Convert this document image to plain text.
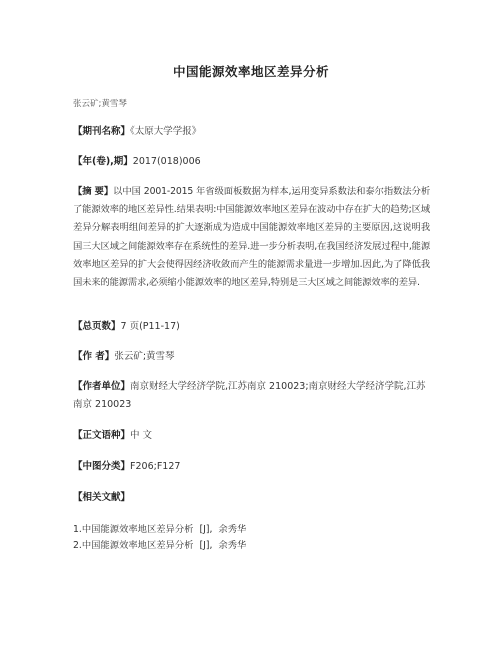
中国能源效率地区差异分析
张云矿;黄雪琴
【期刊名称】《太原大学学报》
【年(卷),期】2017(018)006
【摘 要】以中国 2001-2015 年省级面板数据为样本,运用变异系数法和泰尔指数法分析了能源效率的地区差异性.结果表明:中国能源效率地区差异在波动中存在扩大的趋势;区域差异分解表明组间差异的扩大逐渐成为造成中国能源效率地区差异的主要原因,这说明我国三大区域之间能源效率存在系统性的差异.进一步分析表明,在我国经济发展过程中,能源效率地区差异的扩大会使得因经济收敛而产生的能源需求量进一步增加.因此,为了降低我国未来的能源需求,必须缩小能源效率的地区差异,特别是三大区域之间能源效率的差异.
【总页数】7 页(P11-17)
【作 者】张云矿;黄雪琴
【作者单位】南京财经大学经济学院,江苏南京 210023;南京财经大学经济学院,江苏南京 210023
【正文语种】中 文
【中图分类】F206;F127
【相关文献】
1.中国能源效率地区差异分析 [J], 余秀华
2.中国能源效率地区差异分析 [J], 余秀华
